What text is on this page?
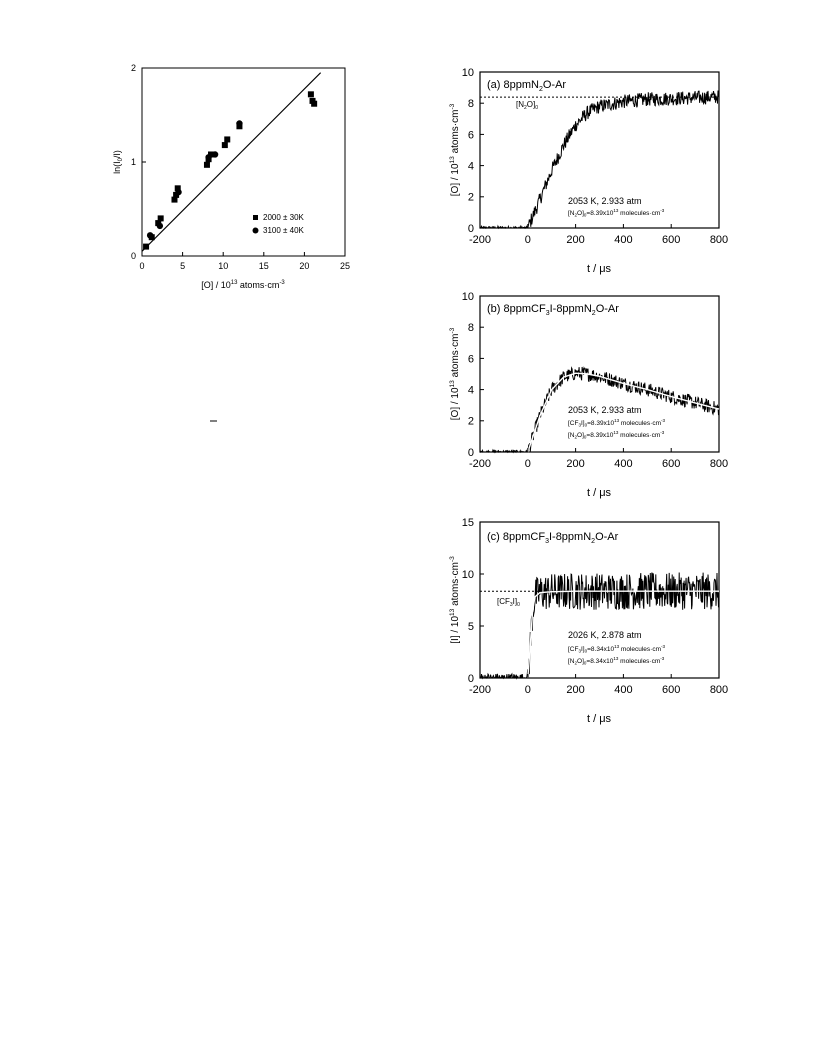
0	5	10	15	20	25
0
1
2
$[O] / 10^{13}$ $atoms\cdot cm^{-3}$
$\ln(I_0/I)$
2000 ± 30K
3100 ± 40K
-200	0	200	400	600	800
0
2
4
6
8
10
(a) 8ppmN$_2$O-Ar
$[N_2O]_0$
2053 K, 2.933 atm
$[N_2O]_0=8.39x10^{13}$ $molecules\cdot cm^{-3}$
t / μs
$[O] / 10^{13}$ $atoms\cdot cm^{-3}$
-200	0	200	400	600	800
0
2
4
6
8
10
(b) 8ppmCF$_3$I-8ppmN$_2$O-Ar
2053 K, 2.933 atm
$[CF_3I]_0=8.39x10^{13}$ $molecules\cdot cm^{-3}$
$[N_2O]_0=8.39x10^{13}$ $molecules\cdot cm^{-3}$
t / μs
$[O] / 10^{13}$ $atoms\cdot cm^{-3}$
-200	0	200	400	600	800
0
5
10
15
(c) 8ppmCF$_3$I-8ppmN$_2$O-Ar
$[CF_3I]_0$
2026 K, 2.878 atm
$[CF_3I]_0=8.34x10^{13}$ $molecules\cdot cm^{-3}$
$[N_2O]_0=8.34x10^{13}$ $molecules\cdot cm^{-3}$
t / μs
$[I] / 10^{13}$ $atoms\cdot cm^{-3}$
